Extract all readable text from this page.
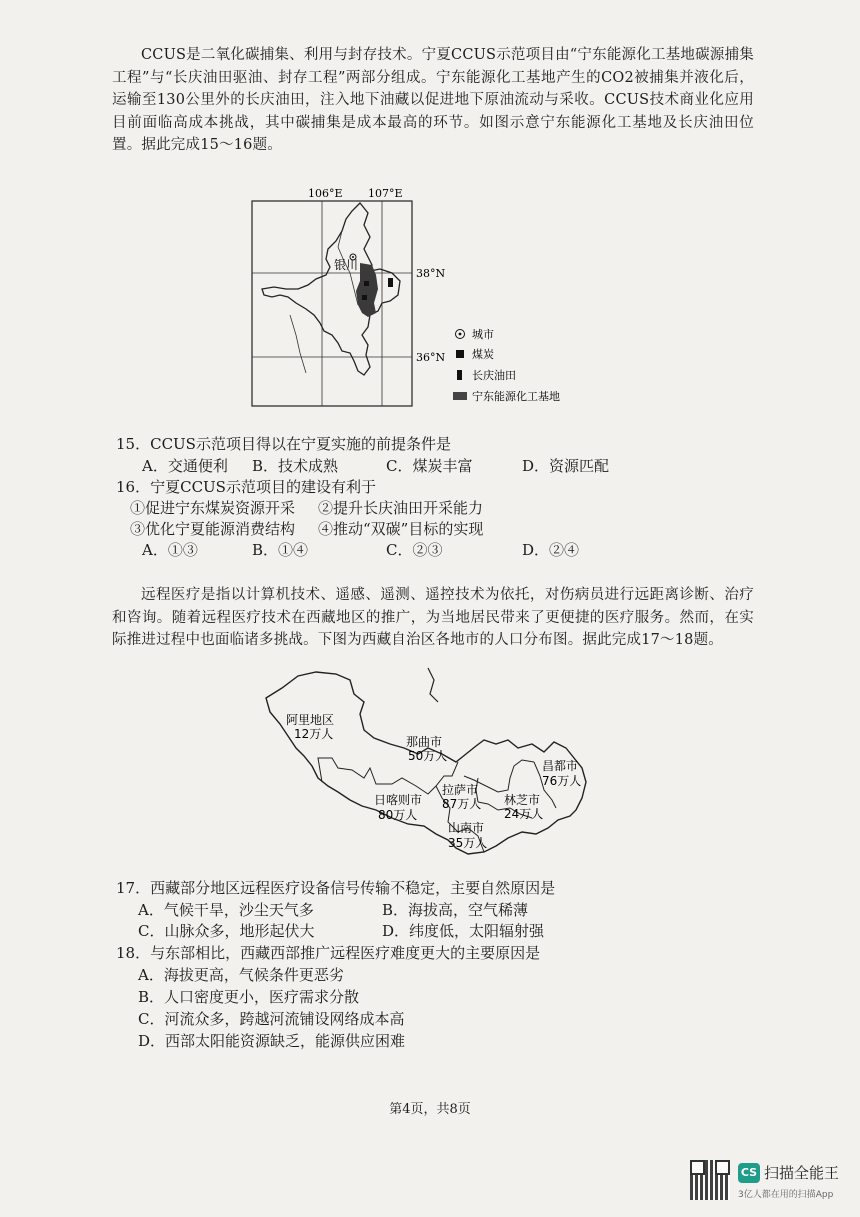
CCUS是二氧化碳捕集、利用与封存技术。宁夏CCUS示范项目由“宁东能源化工基地碳源捕集工程”与“长庆油田驱油、封存工程”两部分组成。宁东能源化工基地产生的CO2被捕集并液化后，运输至130公里外的长庆油田，注入地下油藏以促进地下原油流动与采收。CCUS技术商业化应用目前面临高成本挑战，其中碳捕集是成本最高的环节。如图示意宁东能源化工基地及长庆油田位置。据此完成15～16题。

106°E 107°E
38°N
36°N
银川
城市
煤炭
长庆油田
宁东能源化工基地
15．CCUS示范项目得以在宁夏实施的前提条件是
A．交通便利 B．技术成熟	C．煤炭丰富	D．资源匹配
16．宁夏CCUS示范项目的建设有利于
①促进宁东煤炭资源开采 ②提升长庆油田开采能力
③优化宁夏能源消费结构 ④推动“双碳”目标的实现
A．①③	B．①④	C．②③	D．②④

远程医疗是指以计算机技术、遥感、遥测、遥控技术为依托，对伤病员进行远距离诊断、治疗和咨询。随着远程医疗技术在西藏地区的推广，为当地居民带来了更便捷的医疗服务。然而，在实际推进过程中也面临诸多挑战。下图为西藏自治区各地市的人口分布图。据此完成17～18题。

阿里地区
12万人
那曲市
50万人
昌都市
76万人
拉萨市
87万人
日喀则市
80万人
林芝市
24万人
山南市
35万人
17．西藏部分地区远程医疗设备信号传输不稳定，主要自然原因是
A．气候干旱，沙尘天气多	B．海拔高，空气稀薄
C．山脉众多，地形起伏大	D．纬度低，太阳辐射强
18．与东部相比，西藏西部推广远程医疗难度更大的主要原因是
A．海拔更高，气候条件更恶劣
B．人口密度更小，医疗需求分散
C．河流众多，跨越河流铺设网络成本高
D．西部太阳能资源缺乏，能源供应困难
第4页，共8页
CS 扫描全能王
3亿人都在用的扫描App
